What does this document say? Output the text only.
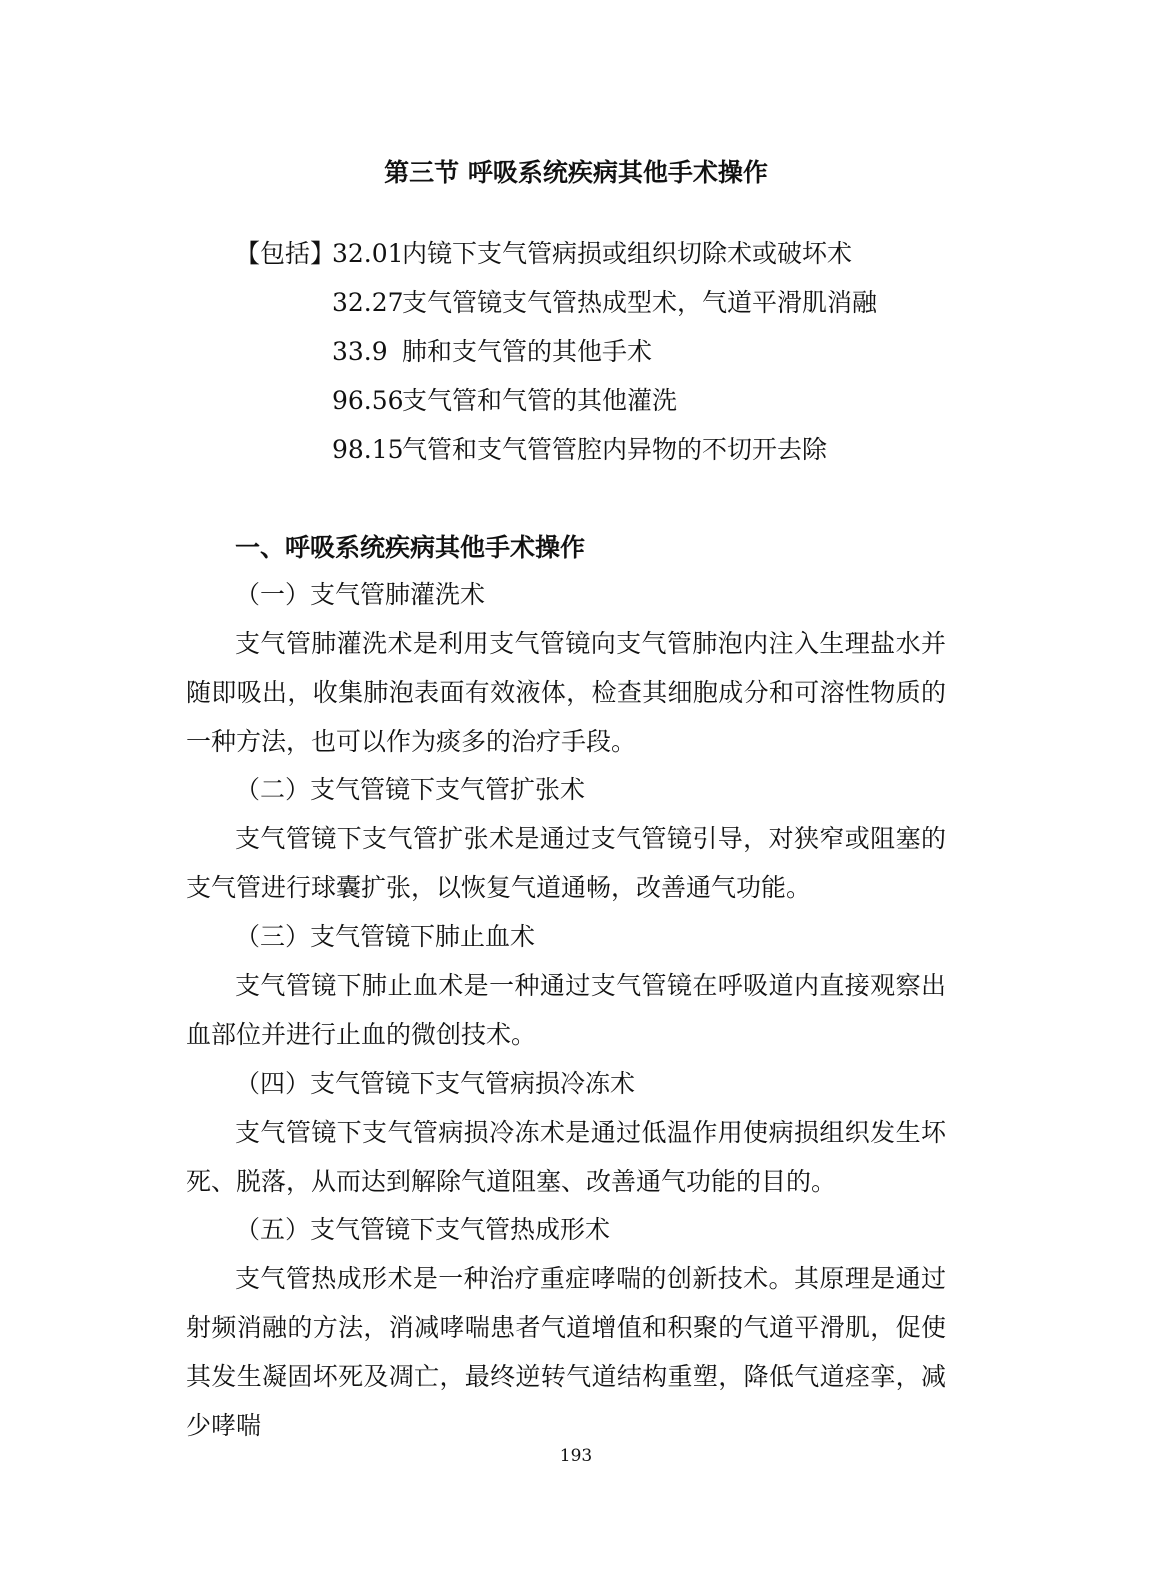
第三节 呼吸系统疾病其他手术操作
【包括】
32.01内镜下支气管病损或组织切除术或破坏术
32.27支气管镜支气管热成型术，气道平滑肌消融
33.9 肺和支气管的其他手术
96.56支气管和气管的其他灌洗
98.15气管和支气管管腔内异物的不切开去除
一、呼吸系统疾病其他手术操作
（一）支气管肺灌洗术

支气管肺灌洗术是利用支气管镜向支气管肺泡内注入生理盐水并随即吸出，收集肺泡表面有效液体，检查其细胞成分和可溶性物质的一种方法，也可以作为痰多的治疗手段。

（二）支气管镜下支气管扩张术

支气管镜下支气管扩张术是通过支气管镜引导，对狭窄或阻塞的支气管进行球囊扩张，以恢复气道通畅，改善通气功能。

（三）支气管镜下肺止血术

支气管镜下肺止血术是一种通过支气管镜在呼吸道内直接观察出血部位并进行止血的微创技术。

（四）支气管镜下支气管病损冷冻术

支气管镜下支气管病损冷冻术是通过低温作用使病损组织发生坏死、脱落，从而达到解除气道阻塞、改善通气功能的目的。

（五）支气管镜下支气管热成形术

支气管热成形术是一种治疗重症哮喘的创新技术。其原理是通过射频消融的方法，消减哮喘患者气道增值和积聚的气道平滑肌，促使其发生凝固坏死及凋亡，最终逆转气道结构重塑，降低气道痉挛，减少哮喘

193
